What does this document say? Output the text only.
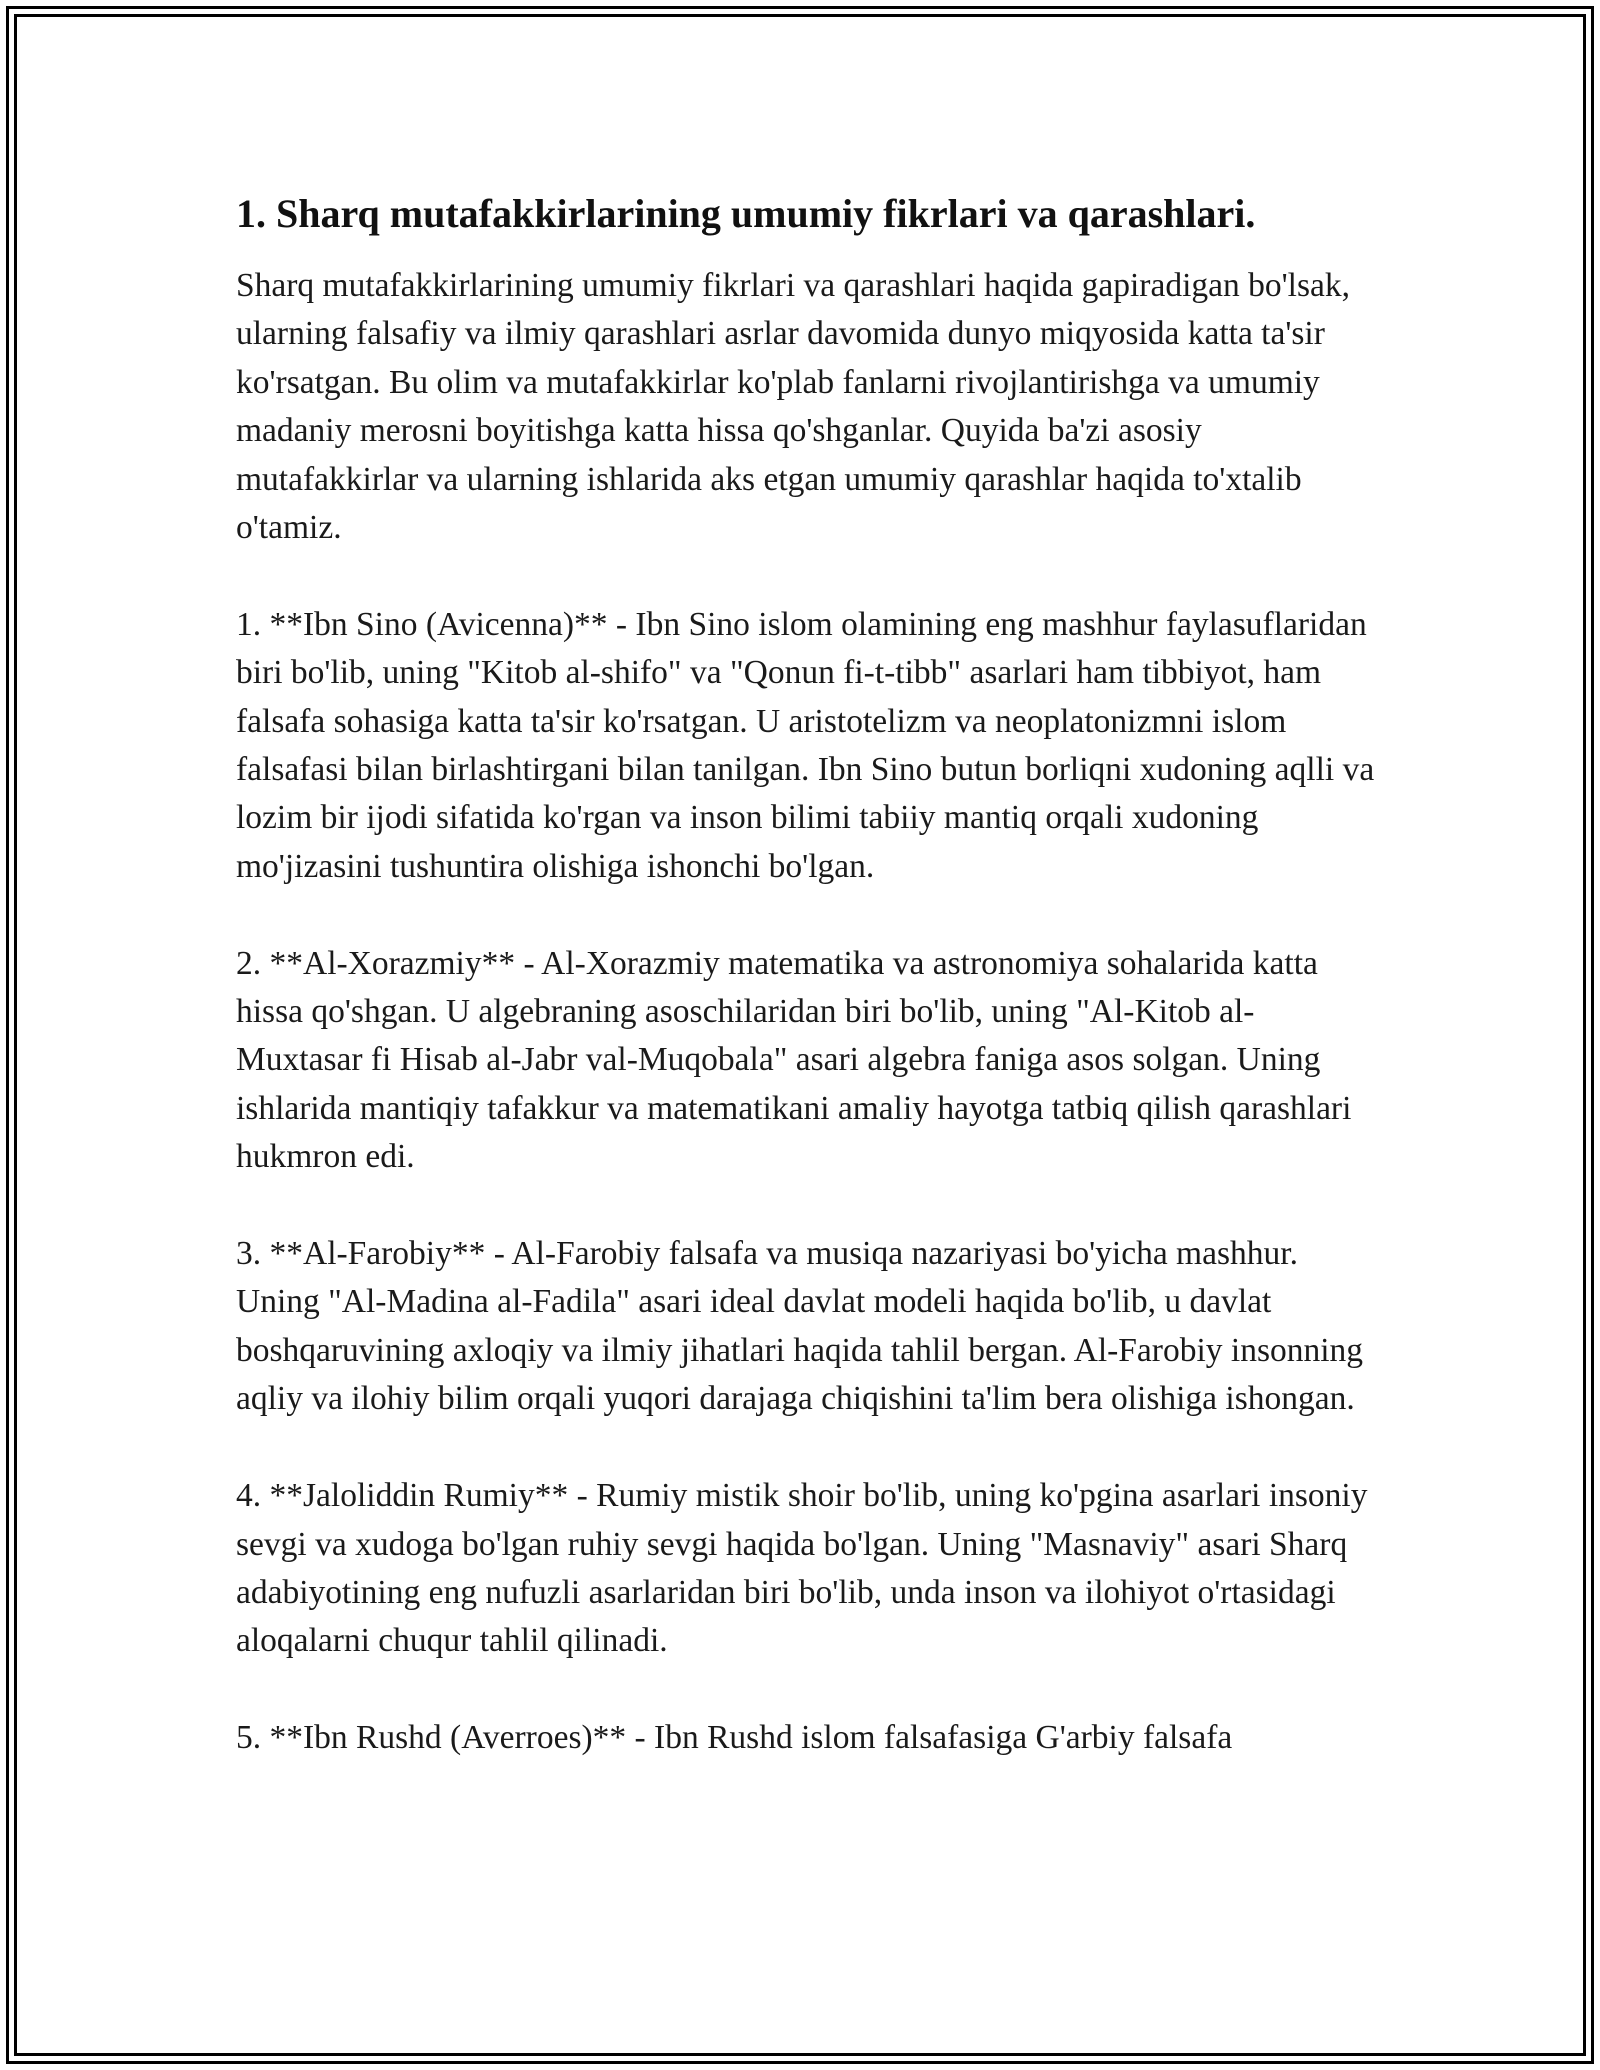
1. Sharq mutafakkirlarining umumiy fikrlari va qarashlari.

Sharq mutafakkirlarining umumiy fikrlari va qarashlari haqida gapiradigan bo'lsak, ularning falsafiy va ilmiy qarashlari asrlar davomida dunyo miqyosida katta ta'sir ko'rsatgan. Bu olim va mutafakkirlar ko'plab fanlarni rivojlantirishga va umumiy madaniy merosni boyitishga katta hissa qo'shganlar. Quyida ba'zi asosiy mutafakkirlar va ularning ishlarida aks etgan umumiy qarashlar haqida to'xtalib o'tamiz.

1. **Ibn Sino (Avicenna)** - Ibn Sino islom olamining eng mashhur faylasuflaridan biri bo'lib, uning "Kitob al-shifo" va "Qonun fi-t-tibb" asarlari ham tibbiyot, ham falsafa sohasiga katta ta'sir ko'rsatgan. U aristotelizm va neoplatonizmni islom falsafasi bilan birlashtirgani bilan tanilgan. Ibn Sino butun borliqni xudoning aqlli va lozim bir ijodi sifatida ko'rgan va inson bilimi tabiiy mantiq orqali xudoning mo'jizasini tushuntira olishiga ishonchi bo'lgan.

2. **Al-Xorazmiy** - Al-Xorazmiy matematika va astronomiya sohalarida katta hissa qo'shgan. U algebraning asoschilaridan biri bo'lib, uning "Al-Kitob al-Muxtasar fi Hisab al-Jabr val-Muqobala" asari algebra faniga asos solgan. Uning ishlarida mantiqiy tafakkur va matematikani amaliy hayotga tatbiq qilish qarashlari hukmron edi.

3. **Al-Farobiy** - Al-Farobiy falsafa va musiqa nazariyasi bo'yicha mashhur. Uning "Al-Madina al-Fadila" asari ideal davlat modeli haqida bo'lib, u davlat boshqaruvining axloqiy va ilmiy jihatlari haqida tahlil bergan. Al-Farobiy insonning aqliy va ilohiy bilim orqali yuqori darajaga chiqishini ta'lim bera olishiga ishongan.

4. **Jaloliddin Rumiy** - Rumiy mistik shoir bo'lib, uning ko'pgina asarlari insoniy sevgi va xudoga bo'lgan ruhiy sevgi haqida bo'lgan. Uning "Masnaviy" asari Sharq adabiyotining eng nufuzli asarlaridan biri bo'lib, unda inson va ilohiyot o'rtasidagi aloqalarni chuqur tahlil qilinadi.

5. **Ibn Rushd (Averroes)** - Ibn Rushd islom falsafasiga G'arbiy falsafa
